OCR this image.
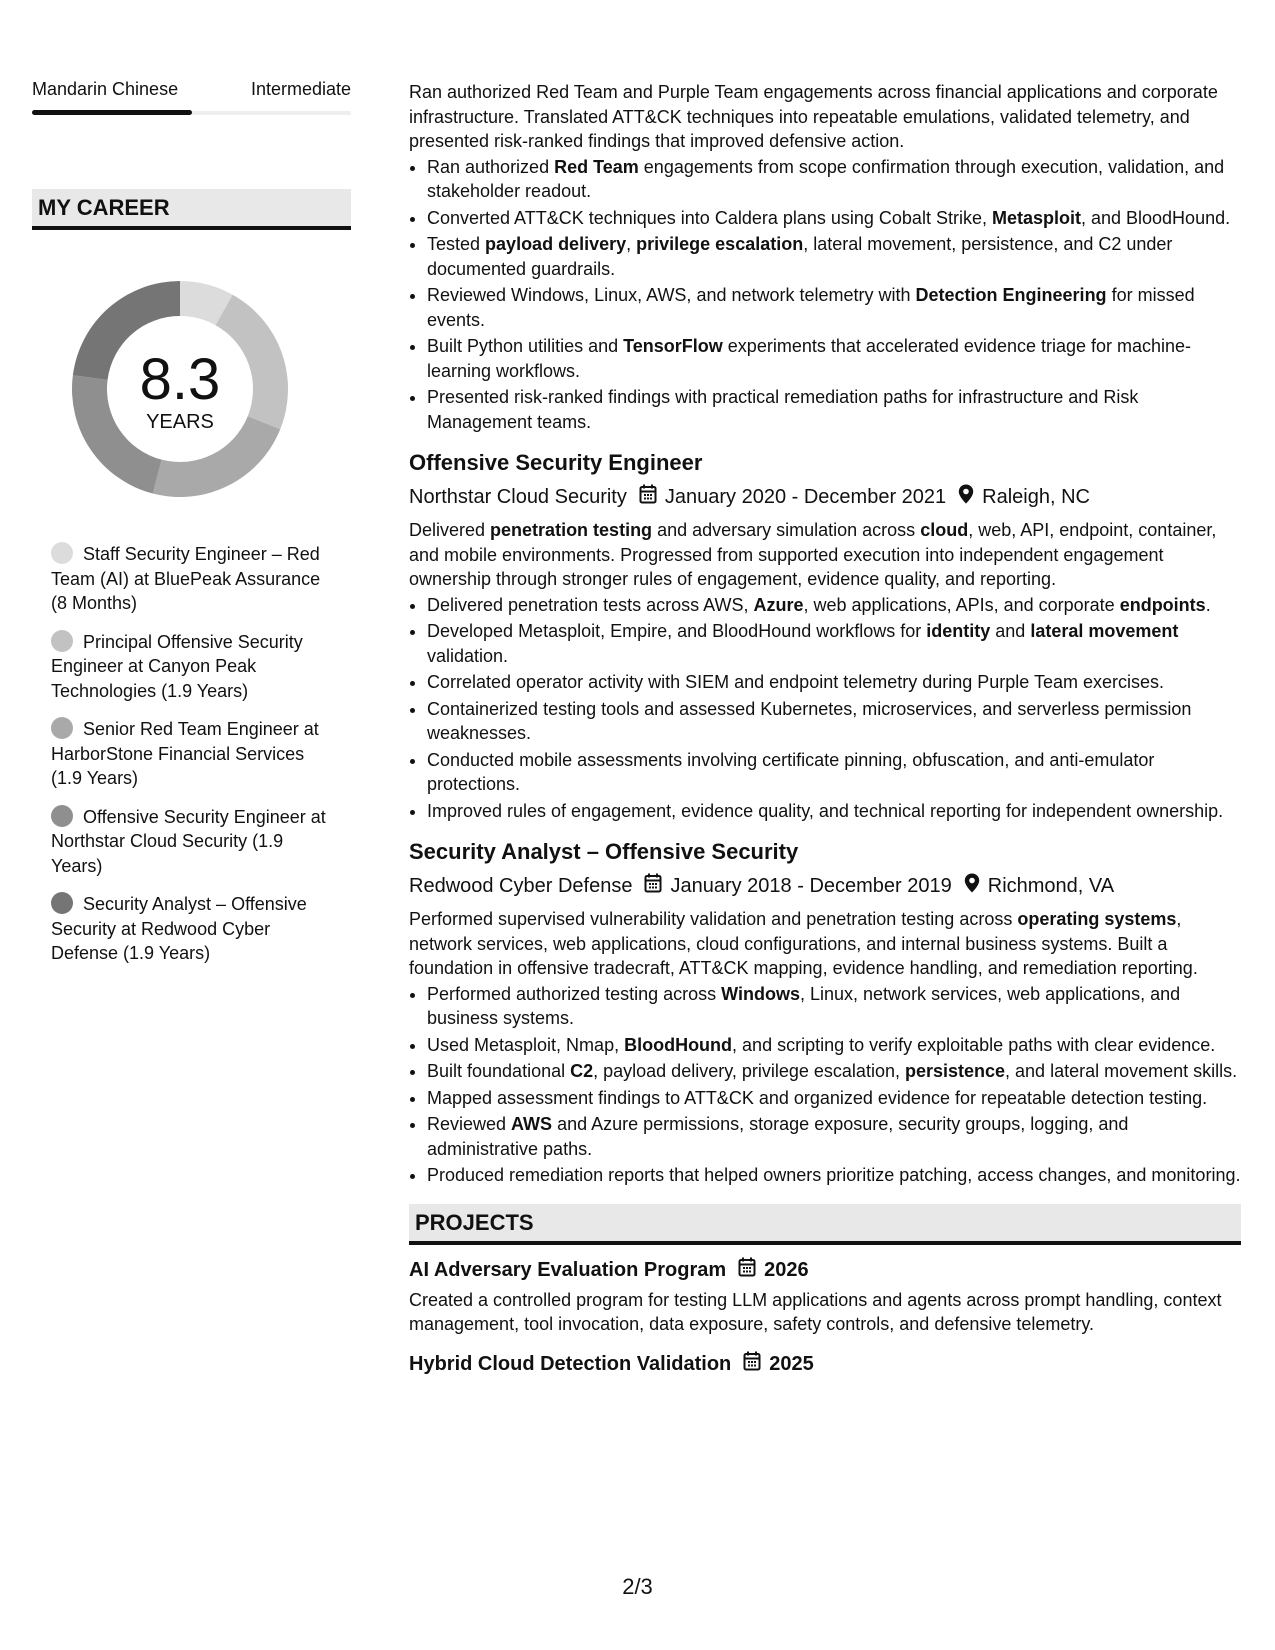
Mandarin Chinese	Intermediate
MY CAREER
8.3
YEARS
Staff Security Engineer – Red Team (AI) at BluePeak Assurance (8 Months)
Principal Offensive Security Engineer at Canyon Peak Technologies (1.9 Years)
Senior Red Team Engineer at HarborStone Financial Services (1.9 Years)
Offensive Security Engineer at Northstar Cloud Security (1.9 Years)
Security Analyst – Offensive Security at Redwood Cyber Defense (1.9 Years)

Ran authorized Red Team and Purple Team engagements across financial applications and corporate infrastructure. Translated ATT&CK techniques into repeatable emulations, validated telemetry, and presented risk-ranked findings that improved defensive action.

• Ran authorized Red Team engagements from scope confirmation through execution, validation, and stakeholder readout.
• Converted ATT&CK techniques into Caldera plans using Cobalt Strike, Metasploit, and BloodHound.
• Tested payload delivery, privilege escalation, lateral movement, persistence, and C2 under documented guardrails.
• Reviewed Windows, Linux, AWS, and network telemetry with Detection Engineering for missed events.
• Built Python utilities and TensorFlow experiments that accelerated evidence triage for machine-learning workflows.
• Presented risk-ranked findings with practical remediation paths for infrastructure and Risk Management teams.
Offensive Security Engineer
Northstar Cloud Security January 2020 - December 2021 Raleigh, NC

Delivered penetration testing and adversary simulation across cloud, web, API, endpoint, container, and mobile environments. Progressed from supported execution into independent engagement ownership through stronger rules of engagement, evidence quality, and reporting.

• Delivered penetration tests across AWS, Azure, web applications, APIs, and corporate endpoints.
• Developed Metasploit, Empire, and BloodHound workflows for identity and lateral movement validation.
• Correlated operator activity with SIEM and endpoint telemetry during Purple Team exercises.
• Containerized testing tools and assessed Kubernetes, microservices, and serverless permission weaknesses.
• Conducted mobile assessments involving certificate pinning, obfuscation, and anti-emulator protections.
• Improved rules of engagement, evidence quality, and technical reporting for independent ownership.
Security Analyst – Offensive Security
Redwood Cyber Defense January 2018 - December 2019 Richmond, VA

Performed supervised vulnerability validation and penetration testing across operating systems, network services, web applications, cloud configurations, and internal business systems. Built a foundation in offensive tradecraft, ATT&CK mapping, evidence handling, and remediation reporting.

• Performed authorized testing across Windows, Linux, network services, web applications, and business systems.
• Used Metasploit, Nmap, BloodHound, and scripting to verify exploitable paths with clear evidence.
• Built foundational C2, payload delivery, privilege escalation, persistence, and lateral movement skills.
• Mapped assessment findings to ATT&CK and organized evidence for repeatable detection testing.
• Reviewed AWS and Azure permissions, storage exposure, security groups, logging, and administrative paths.
• Produced remediation reports that helped owners prioritize patching, access changes, and monitoring.
PROJECTS
AI Adversary Evaluation Program 2026

Created a controlled program for testing LLM applications and agents across prompt handling, context management, tool invocation, data exposure, safety controls, and defensive telemetry.

Hybrid Cloud Detection Validation 2025
2/3
